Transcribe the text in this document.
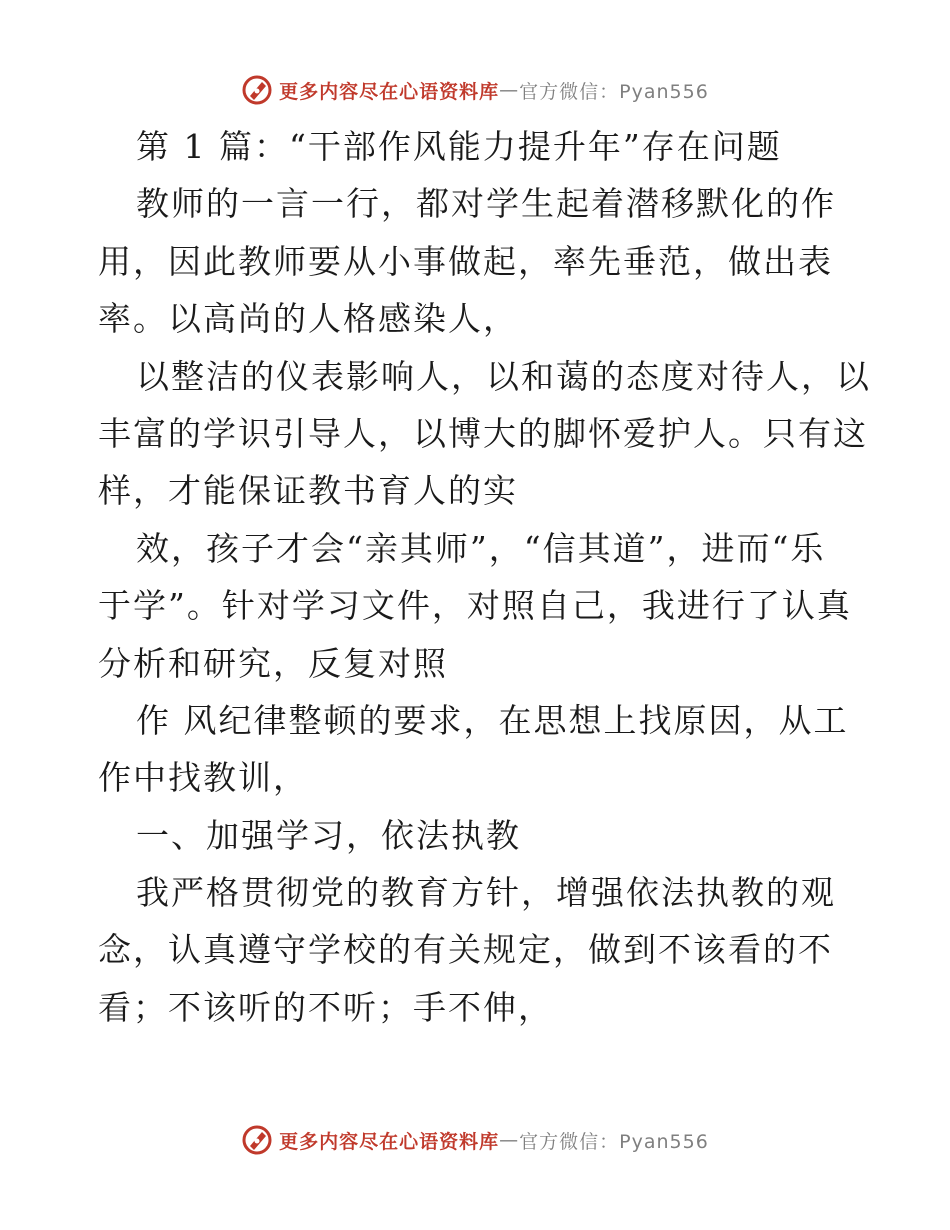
更多内容尽在心语资料库 — 官方微信：Pyan556
第 1 篇：“干部作风能力提升年”存在问题
教师的一言一行，都对学生起着潜移默化的作
用，因此教师要从小事做起，率先垂范，做出表
率。以高尚的人格感染人，
以整洁的仪表影响人，以和蔼的态度对待人，以
丰富的学识引导人，以博大的脚怀爱护人。只有这
样，才能保证教书育人的实
效，孩子才会“亲其师”，“信其道”，进而“乐
于学”。针对学习文件，对照自己，我进行了认真
分析和研究，反复对照
作 风纪律整顿的要求，在思想上找原因，从工
作中找教训，
一、加强学习，依法执教
我严格贯彻党的教育方针，增强依法执教的观
念，认真遵守学校的有关规定，做到不该看的不
看；不该听的不听；手不伸，
更多内容尽在心语资料库 — 官方微信：Pyan556
